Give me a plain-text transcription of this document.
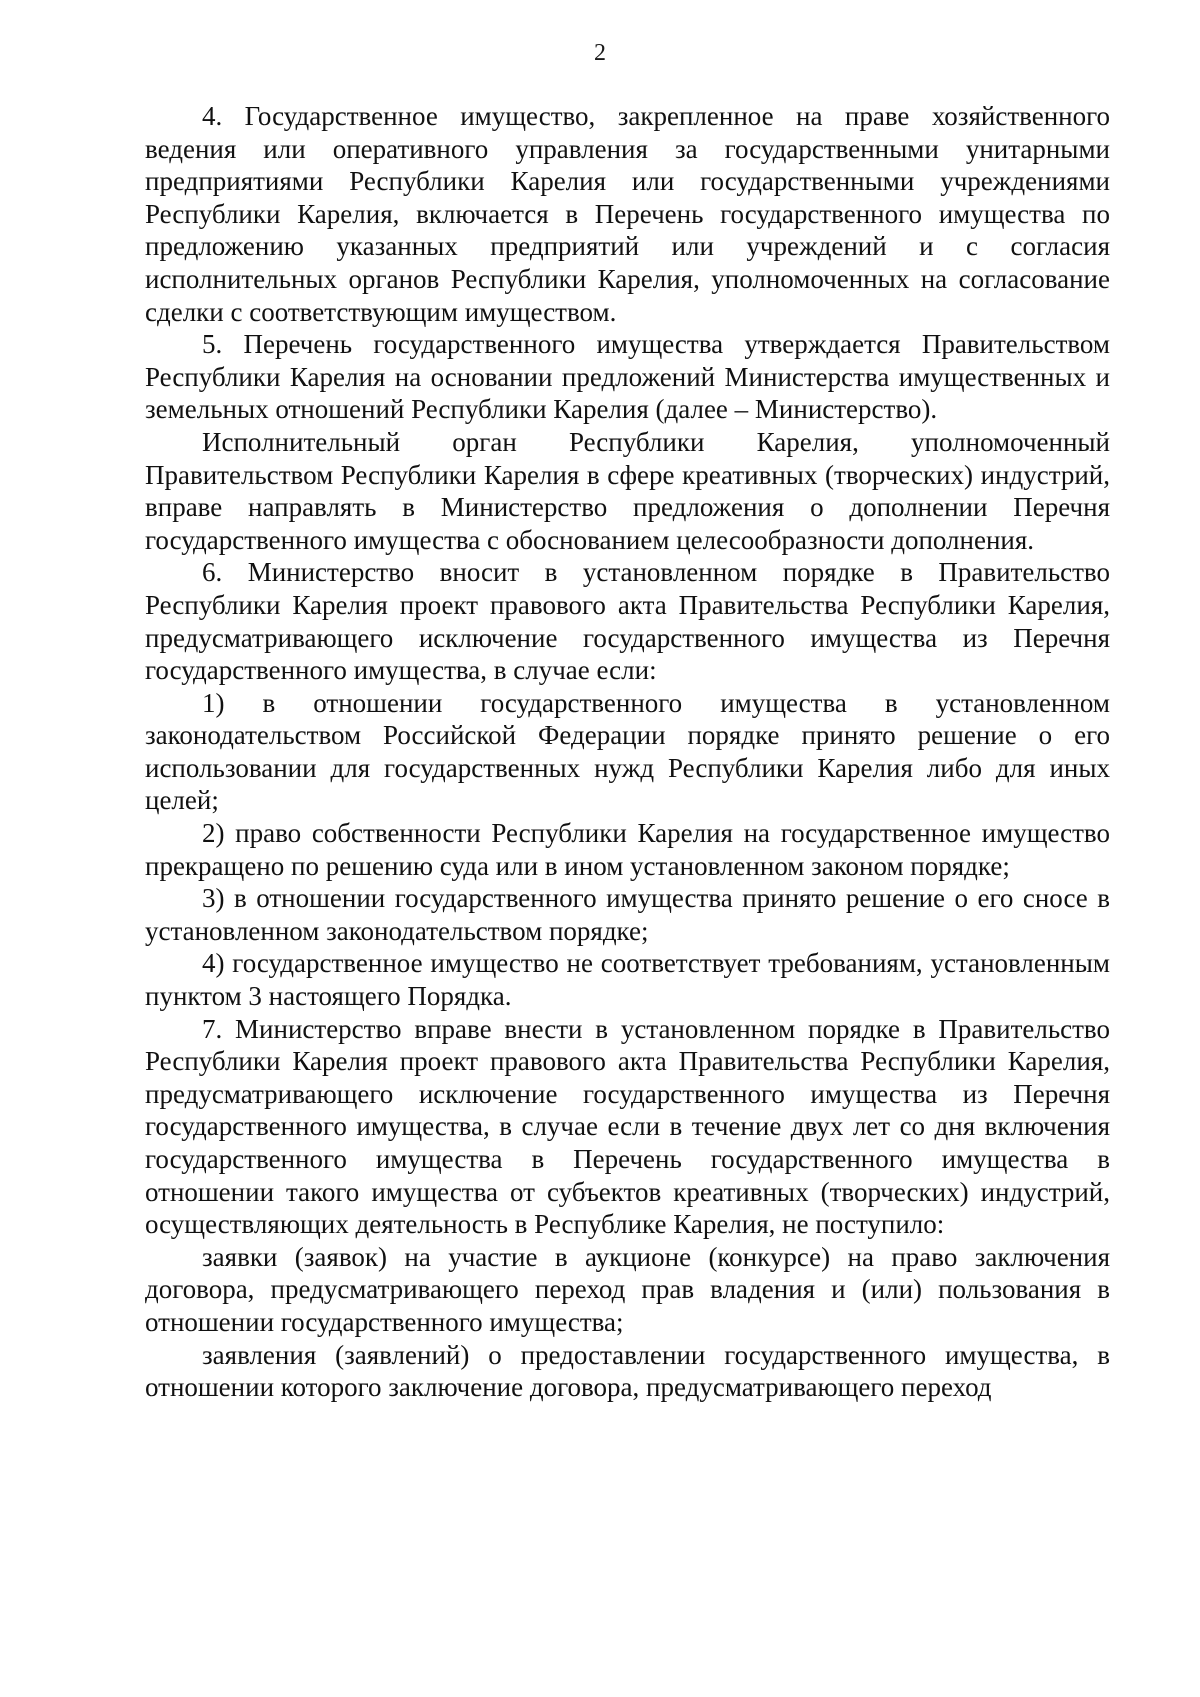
2

4. Государственное имущество, закрепленное на праве хозяйственного ведения или оперативного управления за государственными унитарными предприятиями Республики Карелия или государственными учреждениями Республики Карелия, включается в Перечень государственного имущества по предложению указанных предприятий или учреждений и с согласия исполнительных органов Республики Карелия, уполномоченных на согласование сделки с соответствующим имуществом.

5. Перечень государственного имущества утверждается Правительством Республики Карелия на основании предложений Министерства имущественных и земельных отношений Республики Карелия (далее – Министерство).

Исполнительный орган Республики Карелия, уполномоченный Правительством Республики Карелия в сфере креативных (творческих) индустрий, вправе направлять в Министерство предложения о дополнении Перечня государственного имущества с обоснованием целесообразности дополнения.

6. Министерство вносит в установленном порядке в Правительство Республики Карелия проект правового акта Правительства Республики Карелия, предусматривающего исключение государственного имущества из Перечня государственного имущества, в случае если:

1) в отношении государственного имущества в установленном законодательством Российской Федерации порядке принято решение о его использовании для государственных нужд Республики Карелия либо для иных целей;

2) право собственности Республики Карелия на государственное имущество прекращено по решению суда или в ином установленном законом порядке;

3) в отношении государственного имущества принято решение о его сносе в установленном законодательством порядке;

4) государственное имущество не соответствует требованиям, установленным пунктом 3 настоящего Порядка.

7. Министерство вправе внести в установленном порядке в Правительство Республики Карелия проект правового акта Правительства Республики Карелия, предусматривающего исключение государственного имущества из Перечня государственного имущества, в случае если в течение двух лет со дня включения государственного имущества в Перечень государственного имущества в отношении такого имущества от субъектов креативных (творческих) индустрий, осуществляющих деятельность в Республике Карелия, не поступило:

заявки (заявок) на участие в аукционе (конкурсе) на право заключения договора, предусматривающего переход прав владения и (или) пользования в отношении государственного имущества;

заявления (заявлений) о предоставлении государственного имущества, в отношении которого заключение договора, предусматривающего переход
